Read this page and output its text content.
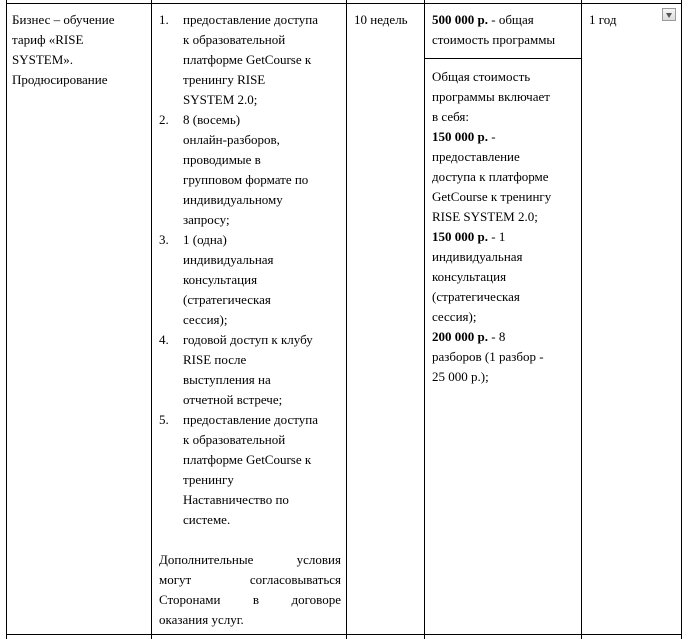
Бизнес – обучение
тариф «RISE
SYSTEM».
Продюсирование
1. предоставление доступа
к образовательной
платформе GetCourse к
тренингу RISE
SYSTEM 2.0;
2. 8 (восемь)
онлайн-разборов,
проводимые в
групповом формате по
индивидуальному
запросу;
3. 1 (одна)
индивидуальная
консультация
(стратегическая
сессия);
4. годовой доступ к клубу
RISE после
выступления на
отчетной встрече;
5. предоставление доступа
к образовательной
платформе GetCourse к
тренингу
Наставничество по
системе.
Дополнительные условия
могут согласовываться
Сторонами в договоре
оказания услуг.
10 недель	500 000 р. - общая
стоимость программы
Общая стоимость
программы включает
в себя:
150 000 р. -
предоставление
доступа к платформе
GetCourse к тренингу
RISE SYSTEM 2.0;
150 000 р. - 1
индивидуальная
консультация
(стратегическая
сессия);
200 000 р. - 8
разборов (1 разбор -
25 000 р.);
1 год
